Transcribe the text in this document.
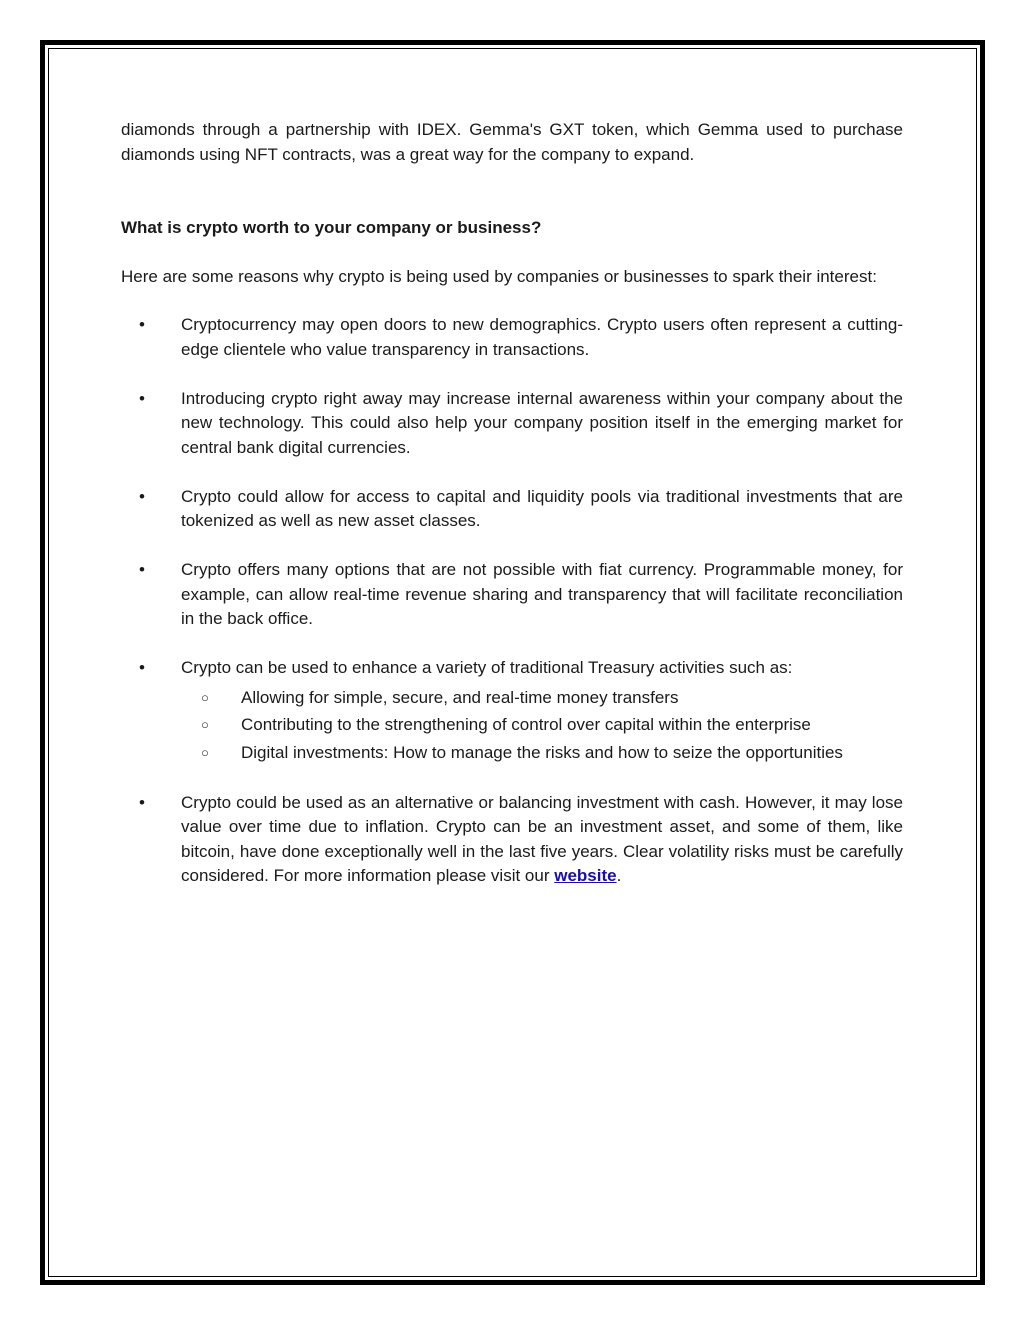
diamonds through a partnership with IDEX. Gemma's GXT token, which Gemma used to purchase diamonds using NFT contracts, was a great way for the company to expand.

What is crypto worth to your company or business?

Here are some reasons why crypto is being used by companies or businesses to spark their interest:

• Cryptocurrency may open doors to new demographics. Crypto users often represent a cutting-edge clientele who value transparency in transactions.
• Introducing crypto right away may increase internal awareness within your company about the new technology. This could also help your company position itself in the emerging market for central bank digital currencies.
• Crypto could allow for access to capital and liquidity pools via traditional investments that are tokenized as well as new asset classes.
• Crypto offers many options that are not possible with fiat currency. Programmable money, for example, can allow real-time revenue sharing and transparency that will facilitate reconciliation in the back office.
• Crypto can be used to enhance a variety of traditional Treasury activities such as:
○ Allowing for simple, secure, and real-time money transfers
○ Contributing to the strengthening of control over capital within the enterprise
○ Digital investments: How to manage the risks and how to seize the opportunities
• Crypto could be used as an alternative or balancing investment with cash. However, it may lose value over time due to inflation. Crypto can be an investment asset, and some of them, like bitcoin, have done exceptionally well in the last five years. Clear volatility risks must be carefully considered. For more information please visit our website.
